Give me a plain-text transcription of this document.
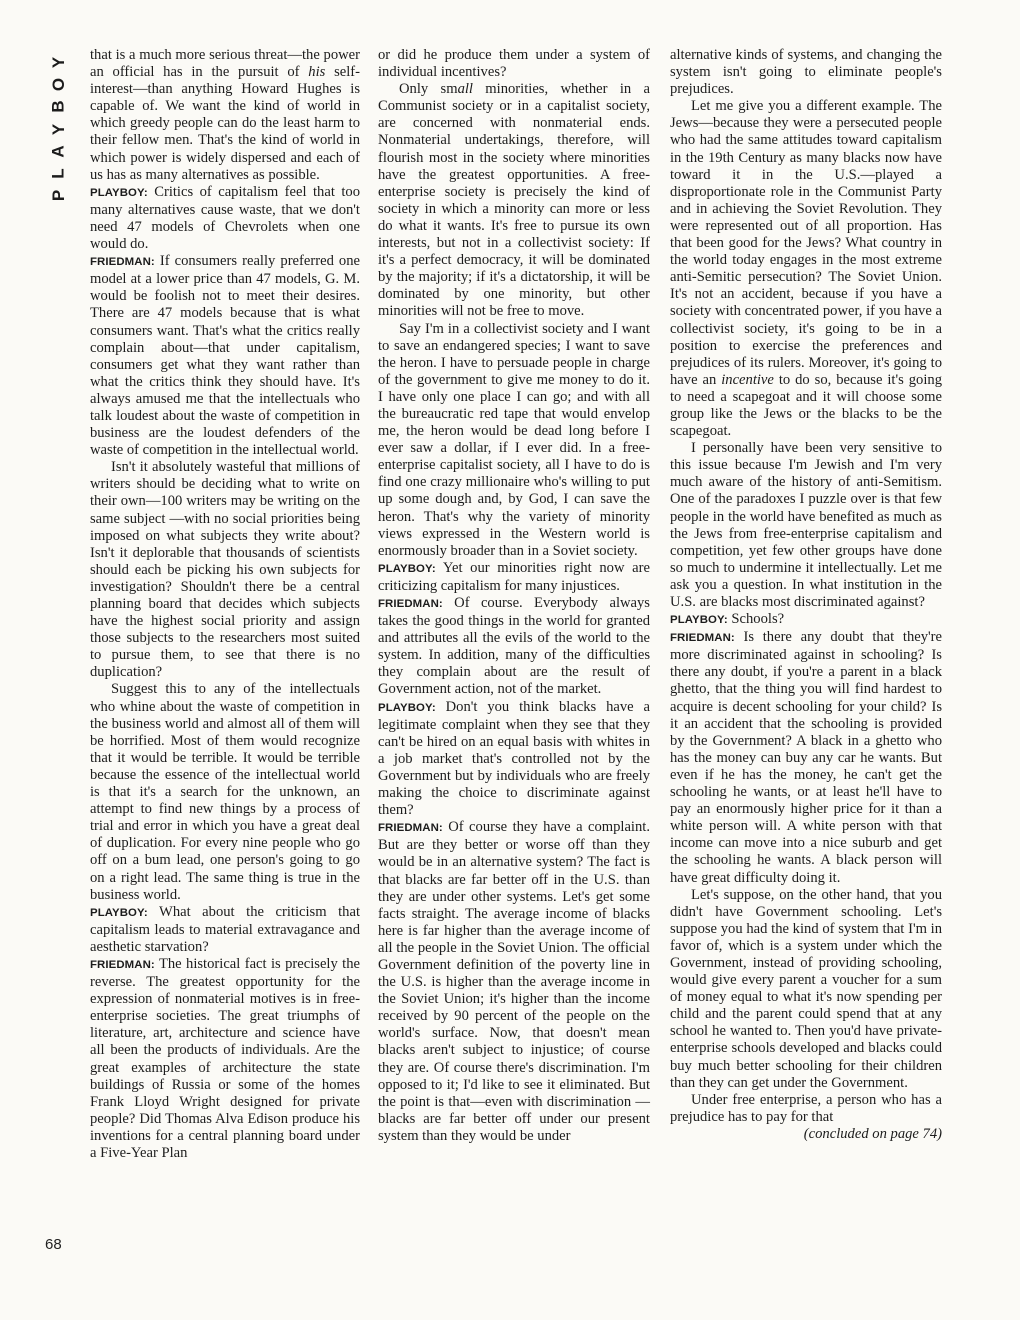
P
L
A
Y
B
O
Y
68

that is a much more serious threat—the power an official has in the pursuit of his self-interest—than anything Howard Hughes is capable of. We want the kind of world in which greedy people can do the least harm to their fellow men. That's the kind of world in which power is widely dispersed and each of us has as many alternatives as possible.

PLAYBOY: Critics of capitalism feel that too many alternatives cause waste, that we don't need 47 models of Chevrolets when one would do.

FRIEDMAN: If consumers really preferred one model at a lower price than 47 models, G. M. would be foolish not to meet their desires. There are 47 models because that is what consumers want. That's what the critics really complain about—that under capitalism, consumers get what they want rather than what the critics think they should have. It's always amused me that the intellectuals who talk loudest about the waste of competition in business are the loudest defenders of the waste of competition in the intellectual world.

Isn't it absolutely wasteful that millions of writers should be deciding what to write on their own—100 writers may be writing on the same subject —with no social priorities being imposed on what subjects they write about? Isn't it deplorable that thousands of scientists should each be picking his own subjects for investigation? Shouldn't there be a central planning board that decides which subjects have the highest social priority and assign those subjects to the researchers most suited to pursue them, to see that there is no duplication?

Suggest this to any of the intellectuals who whine about the waste of competition in the business world and almost all of them will be horrified. Most of them would recognize that it would be terrible. It would be terrible because the essence of the intellectual world is that it's a search for the unknown, an attempt to find new things by a process of trial and error in which you have a great deal of duplication. For every nine people who go off on a bum lead, one person's going to go on a right lead. The same thing is true in the business world.

PLAYBOY: What about the criticism that capitalism leads to material extravagance and aesthetic starvation?

FRIEDMAN: The historical fact is precisely the reverse. The greatest opportunity for the expression of nonmaterial motives is in free-enterprise societies. The great triumphs of literature, art, architecture and science have all been the products of individuals. Are the great examples of architecture the state buildings of Russia or some of the homes Frank Lloyd Wright designed for private people? Did Thomas Alva Edison produce his inventions for a central planning board under a Five-Year Plan

or did he produce them under a system of individual incentives?

Only small minorities, whether in a Communist society or in a capitalist society, are concerned with nonmaterial ends. Nonmaterial undertakings, therefore, will flourish most in the society where minorities have the greatest opportunities. A free-enterprise society is precisely the kind of society in which a minority can more or less do what it wants. It's free to pursue its own interests, but not in a collectivist society: If it's a perfect democracy, it will be dominated by the majority; if it's a dictatorship, it will be dominated by one minority, but other minorities will not be free to move.

Say I'm in a collectivist society and I want to save an endangered species; I want to save the heron. I have to persuade people in charge of the government to give me money to do it. I have only one place I can go; and with all the bureaucratic red tape that would envelop me, the heron would be dead long before I ever saw a dollar, if I ever did. In a free-enterprise capitalist society, all I have to do is find one crazy millionaire who's willing to put up some dough and, by God, I can save the heron. That's why the variety of minority views expressed in the Western world is enormously broader than in a Soviet society.

PLAYBOY: Yet our minorities right now are criticizing capitalism for many injustices.

FRIEDMAN: Of course. Everybody always takes the good things in the world for granted and attributes all the evils of the world to the system. In addition, many of the difficulties they complain about are the result of Government action, not of the market.

PLAYBOY: Don't you think blacks have a legitimate complaint when they see that they can't be hired on an equal basis with whites in a job market that's controlled not by the Government but by individuals who are freely making the choice to discriminate against them?

FRIEDMAN: Of course they have a complaint. But are they better or worse off than they would be in an alternative system? The fact is that blacks are far better off in the U.S. than they are under other systems. Let's get some facts straight. The average income of blacks here is far higher than the average income of all the people in the Soviet Union. The official Government definition of the poverty line in the U.S. is higher than the average income in the Soviet Union; it's higher than the income received by 90 percent of the people on the world's surface. Now, that doesn't mean blacks aren't subject to injustice; of course they are. Of course there's discrimination. I'm opposed to it; I'd like to see it eliminated. But the point is that—even with discrimination —blacks are far better off under our present system than they would be under

alternative kinds of systems, and changing the system isn't going to eliminate people's prejudices.

Let me give you a different example. The Jews—because they were a persecuted people who had the same attitudes toward capitalism in the 19th Century as many blacks now have toward it in the U.S.—played a disproportionate role in the Communist Party and in achieving the Soviet Revolution. They were represented out of all proportion. Has that been good for the Jews? What country in the world today engages in the most extreme anti-Semitic persecution? The Soviet Union. It's not an accident, because if you have a society with concentrated power, if you have a collectivist society, it's going to be in a position to exercise the preferences and prejudices of its rulers. Moreover, it's going to have an incentive to do so, because it's going to need a scapegoat and it will choose some group like the Jews or the blacks to be the scapegoat.

I personally have been very sensitive to this issue because I'm Jewish and I'm very much aware of the history of anti-Semitism. One of the paradoxes I puzzle over is that few people in the world have benefited as much as the Jews from free-enterprise capitalism and competition, yet few other groups have done so much to undermine it intellectually. Let me ask you a question. In what institution in the U.S. are blacks most discriminated against?

PLAYBOY: Schools?

FRIEDMAN: Is there any doubt that they're more discriminated against in schooling? Is there any doubt, if you're a parent in a black ghetto, that the thing you will find hardest to acquire is decent schooling for your child? Is it an accident that the schooling is provided by the Government? A black in a ghetto who has the money can buy any car he wants. But even if he has the money, he can't get the schooling he wants, or at least he'll have to pay an enormously higher price for it than a white person will. A white person with that income can move into a nice suburb and get the schooling he wants. A black person will have great difficulty doing it.

Let's suppose, on the other hand, that you didn't have Government schooling. Let's suppose you had the kind of system that I'm in favor of, which is a system under which the Government, instead of providing schooling, would give every parent a voucher for a sum of money equal to what it's now spending per child and the parent could spend that at any school he wanted to. Then you'd have private-enterprise schools developed and blacks could buy much better schooling for their children than they can get under the Government.

Under free enterprise, a person who has a prejudice has to pay for that

(concluded on page 74)
